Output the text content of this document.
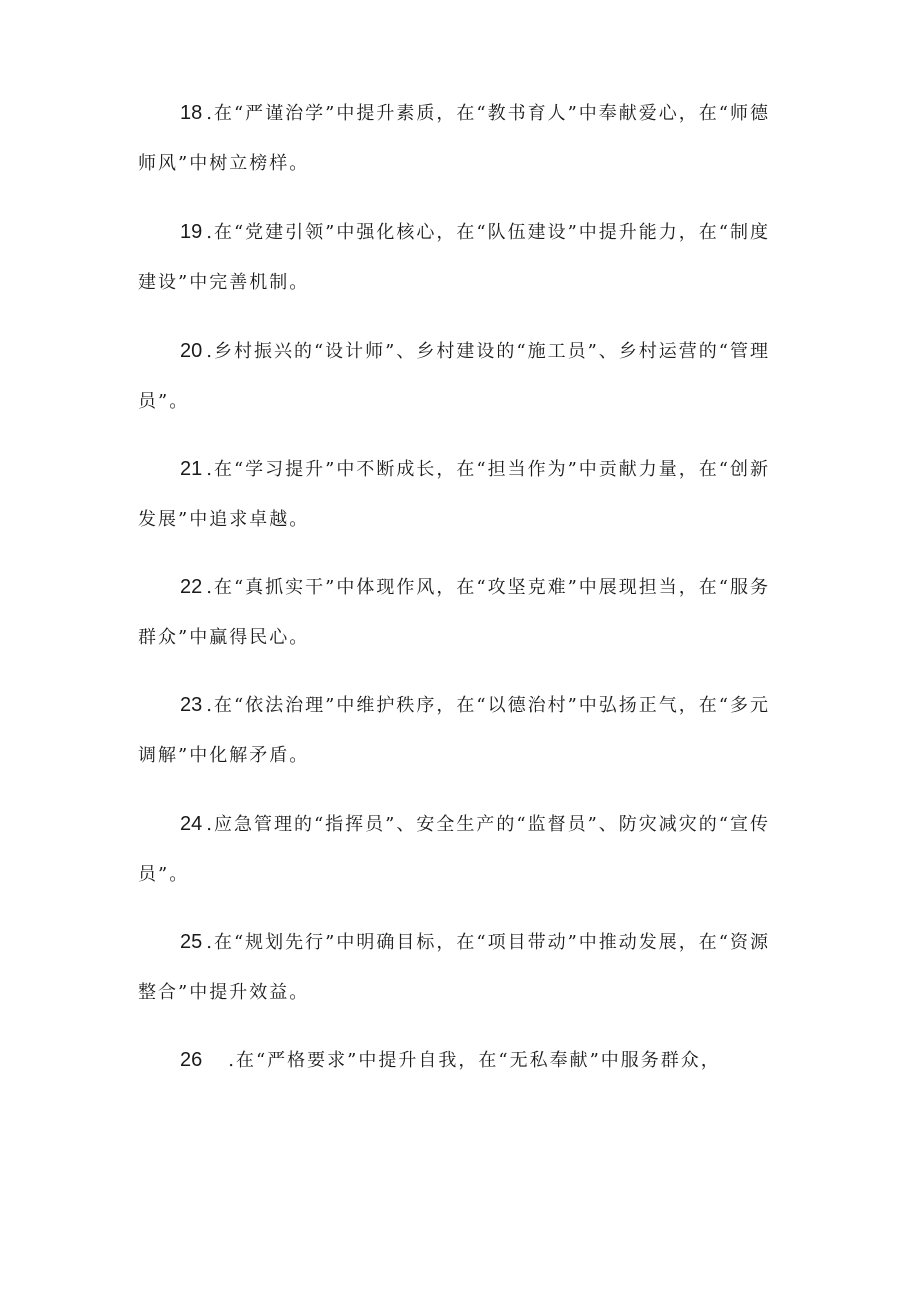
18 .在“严谨治学”中提升素质，在“教书育人”中奉献爱心，在“师德
师风”中树立榜样。
19 .在“党建引领”中强化核心，在“队伍建设”中提升能力，在“制度
建设”中完善机制。
20 .乡村振兴的“设计师”、乡村建设的“施工员”、乡村运营的“管理
员”。
21 .在“学习提升”中不断成长，在“担当作为”中贡献力量，在“创新
发展”中追求卓越。
22 .在“真抓实干”中体现作风，在“攻坚克难”中展现担当，在“服务
群众”中赢得民心。
23 .在“依法治理”中维护秩序，在“以德治村”中弘扬正气，在“多元
调解”中化解矛盾。
24 .应急管理的“指挥员”、安全生产的“监督员”、防灾减灾的“宣传
员”。
25 .在“规划先行”中明确目标，在“项目带动”中推动发展，在“资源
整合”中提升效益。
26 .在“严格要求”中提升自我，在“无私奉献”中服务群众，
